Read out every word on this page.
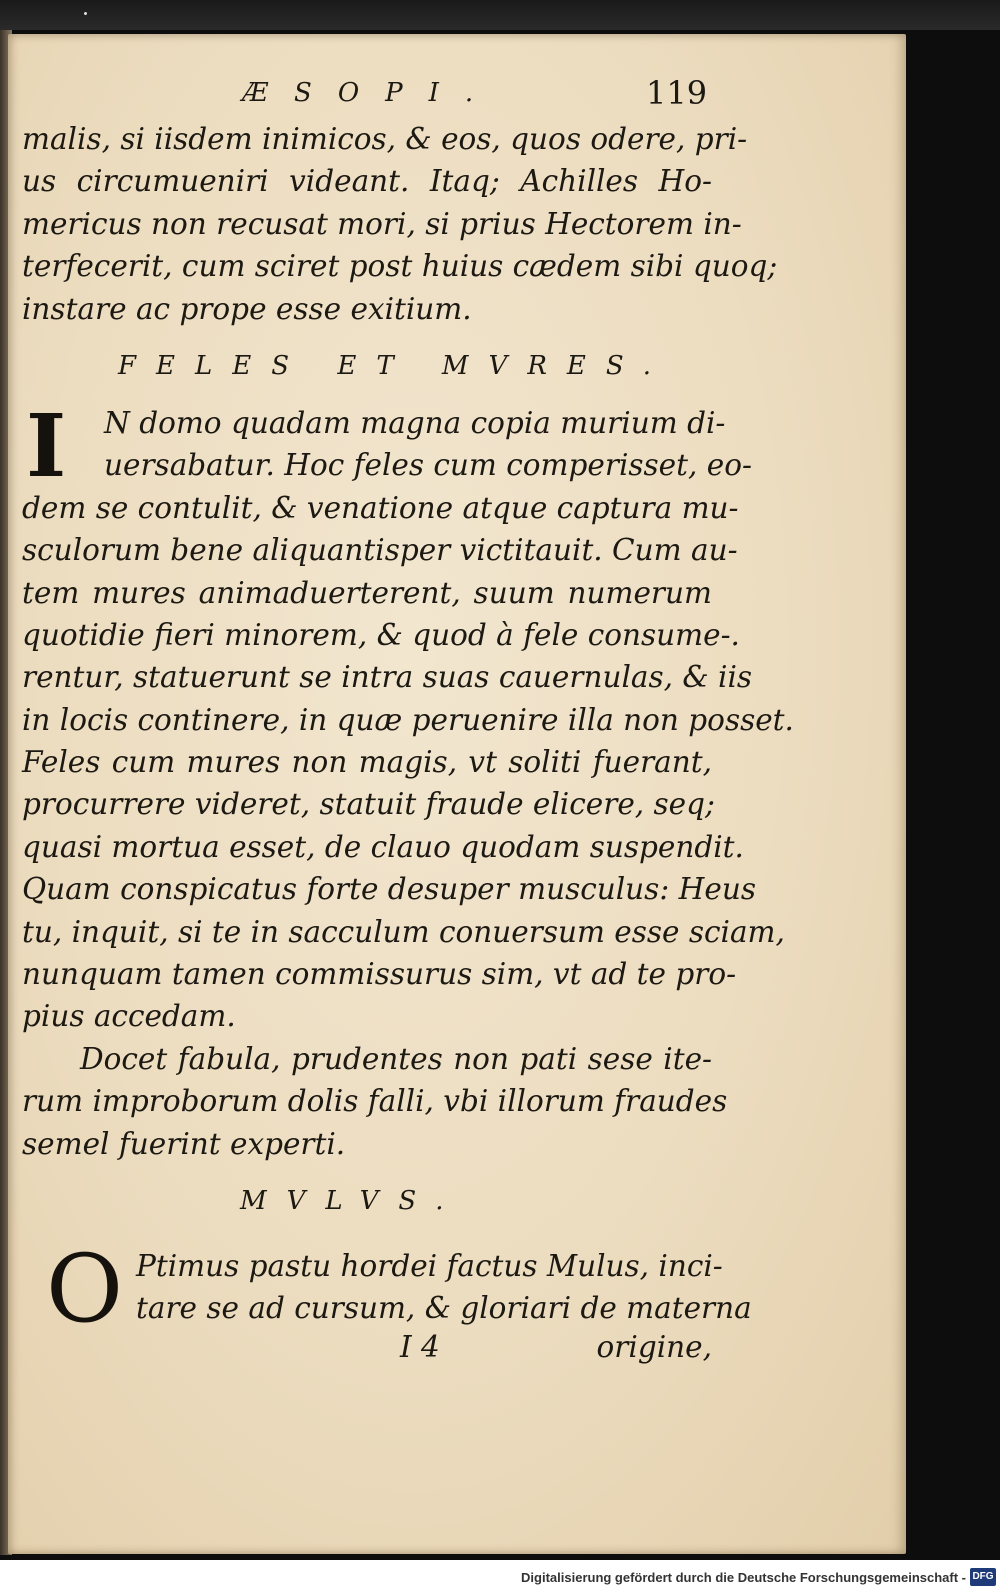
ÆSOPI.	119
malis, si iisdem inimicos, & eos, quos odere, pri-
us circumueniri videant. Itaq; Achilles Ho-
mericus non recusat mori, si prius Hectorem in-
terfecerit, cum sciret post huius cædem sibi quoq;
instare ac prope esse exitium.
FELES ET MVRES.
I	N domo quadam magna copia murium di-
uersabatur. Hoc feles cum comperisset, eo-
dem se contulit, & venatione atque captura mu-
sculorum bene aliquantisper victitauit. Cum au-
tem mures animaduerterent, suum numerum
quotidie fieri minorem, & quod à fele consume-.
rentur, statuerunt se intra suas cauernulas, & iis
in locis continere, in quæ peruenire illa non posset.
Feles cum mures non magis, vt soliti fuerant,
procurrere videret, statuit fraude elicere, seq;
quasi mortua esset, de clauo quodam suspendit.
Quam conspicatus forte desuper musculus: Heus
tu, inquit, si te in sacculum conuersum esse sciam,
nunquam tamen commissurus sim, vt ad te pro-
pius accedam.
Docet fabula, prudentes non pati sese ite-
rum improborum dolis falli, vbi illorum fraudes
semel fuerint experti.
MVLVS.
O Ptimus pastu hordei factus Mulus, inci-
tare se ad cursum, & gloriari de materna
I 4	origine,
Digitalisierung gefördert durch die Deutsche Forschungsgemeinschaft - DFG
